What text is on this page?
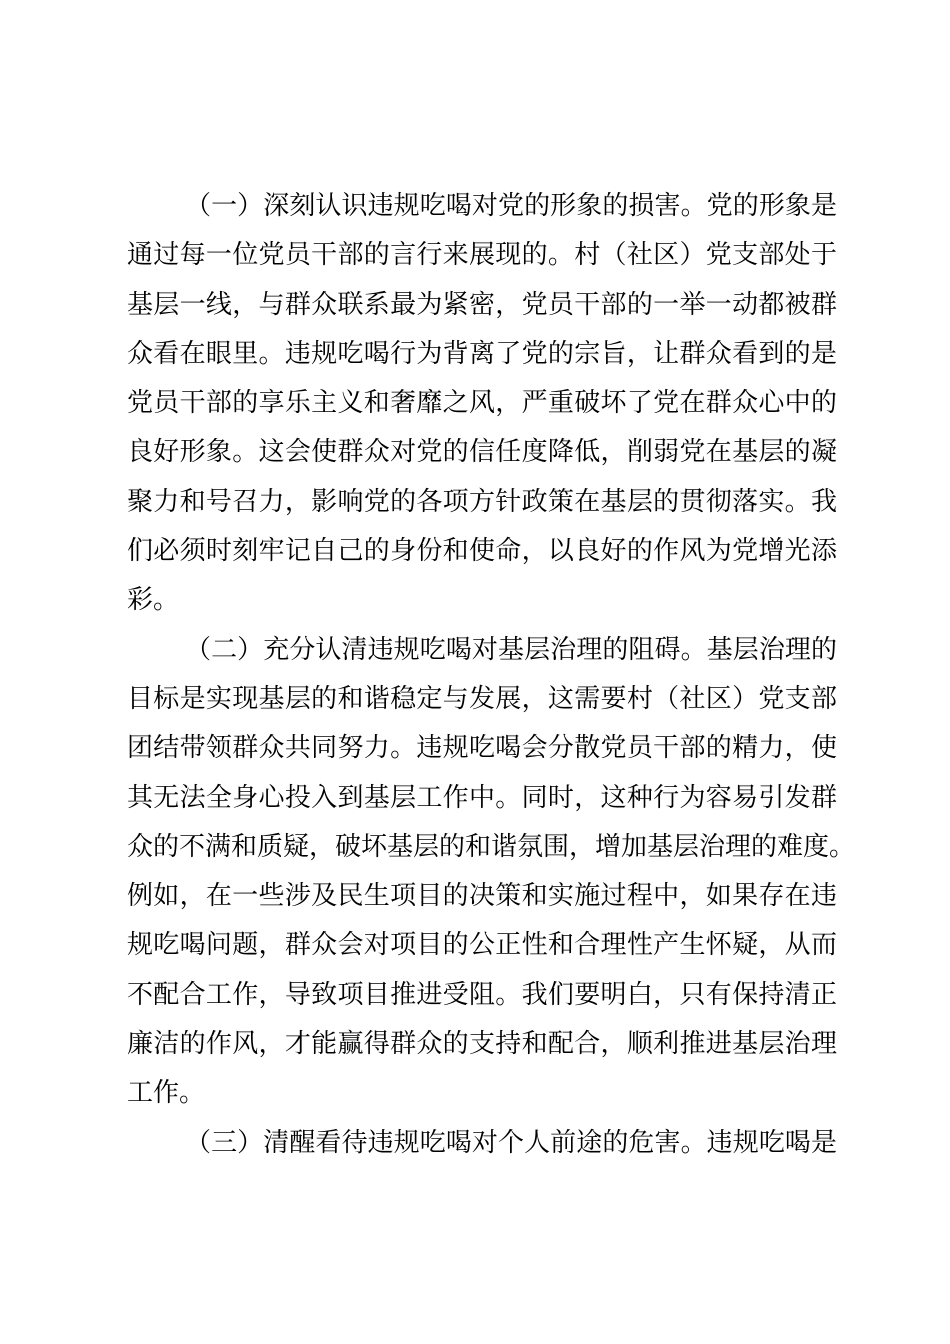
（一）深刻认识违规吃喝对党的形象的损害。党的形象是
通过每一位党员干部的言行来展现的。村（社区）党支部处于
基层一线，与群众联系最为紧密，党员干部的一举一动都被群
众看在眼里。违规吃喝行为背离了党的宗旨，让群众看到的是
党员干部的享乐主义和奢靡之风，严重破坏了党在群众心中的
良好形象。这会使群众对党的信任度降低，削弱党在基层的凝
聚力和号召力，影响党的各项方针政策在基层的贯彻落实。我
们必须时刻牢记自己的身份和使命，以良好的作风为党增光添
彩。
（二）充分认清违规吃喝对基层治理的阻碍。基层治理的
目标是实现基层的和谐稳定与发展，这需要村（社区）党支部
团结带领群众共同努力。违规吃喝会分散党员干部的精力，使
其无法全身心投入到基层工作中。同时，这种行为容易引发群
众的不满和质疑，破坏基层的和谐氛围，增加基层治理的难度。
例如，在一些涉及民生项目的决策和实施过程中，如果存在违
规吃喝问题，群众会对项目的公正性和合理性产生怀疑，从而
不配合工作，导致项目推进受阻。我们要明白，只有保持清正
廉洁的作风，才能赢得群众的支持和配合，顺利推进基层治理
工作。
（三）清醒看待违规吃喝对个人前途的危害。违规吃喝是
